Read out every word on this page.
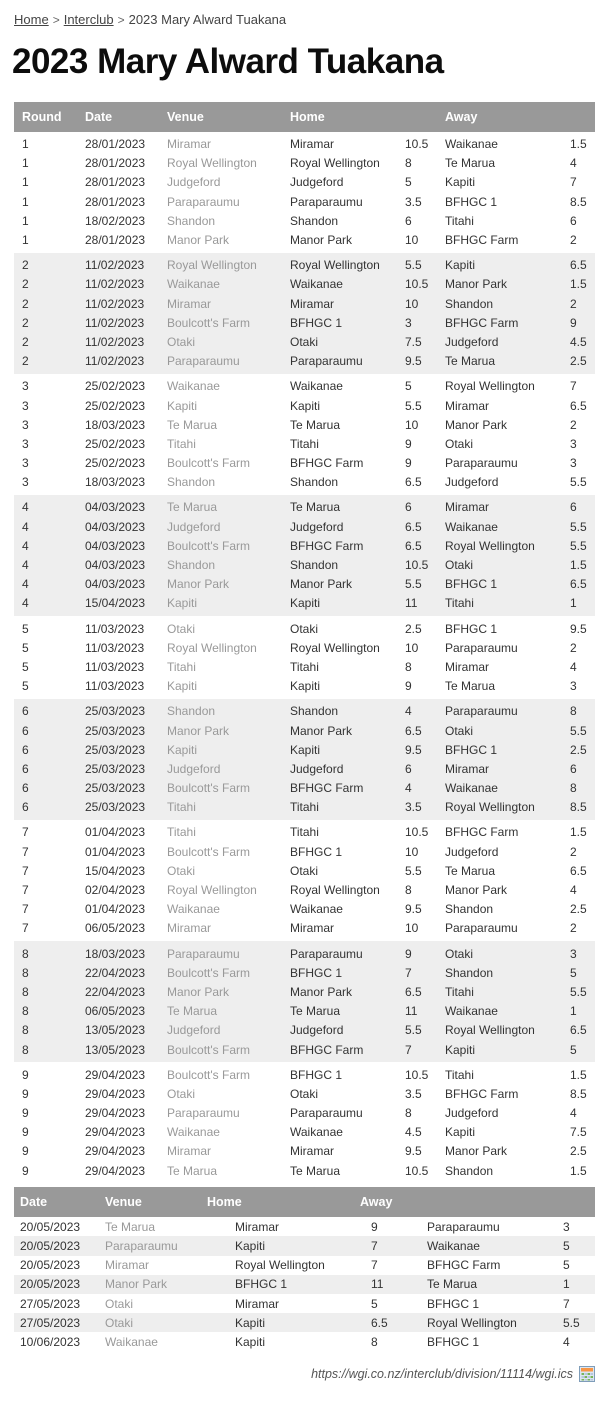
Home > Interclub > 2023 Mary Alward Tuakana
2023 Mary Alward Tuakana
Round	Date	Venue	Home	Away
1	28/01/2023	Miramar	Miramar	10.5	Waikanae	1.5
1	28/01/2023	Royal Wellington	Royal Wellington	8	Te Marua	4
1	28/01/2023	Judgeford	Judgeford	5	Kapiti	7
1	28/01/2023	Paraparaumu	Paraparaumu	3.5	BFHGC 1	8.5
1	18/02/2023	Shandon	Shandon	6	Titahi	6
1	28/01/2023	Manor Park	Manor Park	10	BFHGC Farm	2
2	11/02/2023	Royal Wellington	Royal Wellington	5.5	Kapiti	6.5
2	11/02/2023	Waikanae	Waikanae	10.5	Manor Park	1.5
2	11/02/2023	Miramar	Miramar	10	Shandon	2
2	11/02/2023	Boulcott's Farm	BFHGC 1	3	BFHGC Farm	9
2	11/02/2023	Otaki	Otaki	7.5	Judgeford	4.5
2	11/02/2023	Paraparaumu	Paraparaumu	9.5	Te Marua	2.5
3	25/02/2023	Waikanae	Waikanae	5	Royal Wellington	7
3	25/02/2023	Kapiti	Kapiti	5.5	Miramar	6.5
3	18/03/2023	Te Marua	Te Marua	10	Manor Park	2
3	25/02/2023	Titahi	Titahi	9	Otaki	3
3	25/02/2023	Boulcott's Farm	BFHGC Farm	9	Paraparaumu	3
3	18/03/2023	Shandon	Shandon	6.5	Judgeford	5.5
4	04/03/2023	Te Marua	Te Marua	6	Miramar	6
4	04/03/2023	Judgeford	Judgeford	6.5	Waikanae	5.5
4	04/03/2023	Boulcott's Farm	BFHGC Farm	6.5	Royal Wellington	5.5
4	04/03/2023	Shandon	Shandon	10.5	Otaki	1.5
4	04/03/2023	Manor Park	Manor Park	5.5	BFHGC 1	6.5
4	15/04/2023	Kapiti	Kapiti	11	Titahi	1
5	11/03/2023	Otaki	Otaki	2.5	BFHGC 1	9.5
5	11/03/2023	Royal Wellington	Royal Wellington	10	Paraparaumu	2
5	11/03/2023	Titahi	Titahi	8	Miramar	4
5	11/03/2023	Kapiti	Kapiti	9	Te Marua	3
6	25/03/2023	Shandon	Shandon	4	Paraparaumu	8
6	25/03/2023	Manor Park	Manor Park	6.5	Otaki	5.5
6	25/03/2023	Kapiti	Kapiti	9.5	BFHGC 1	2.5
6	25/03/2023	Judgeford	Judgeford	6	Miramar	6
6	25/03/2023	Boulcott's Farm	BFHGC Farm	4	Waikanae	8
6	25/03/2023	Titahi	Titahi	3.5	Royal Wellington	8.5
7	01/04/2023	Titahi	Titahi	10.5	BFHGC Farm	1.5
7	01/04/2023	Boulcott's Farm	BFHGC 1	10	Judgeford	2
7	15/04/2023	Otaki	Otaki	5.5	Te Marua	6.5
7	02/04/2023	Royal Wellington	Royal Wellington	8	Manor Park	4
7	01/04/2023	Waikanae	Waikanae	9.5	Shandon	2.5
7	06/05/2023	Miramar	Miramar	10	Paraparaumu	2
8	18/03/2023	Paraparaumu	Paraparaumu	9	Otaki	3
8	22/04/2023	Boulcott's Farm	BFHGC 1	7	Shandon	5
8	22/04/2023	Manor Park	Manor Park	6.5	Titahi	5.5
8	06/05/2023	Te Marua	Te Marua	11	Waikanae	1
8	13/05/2023	Judgeford	Judgeford	5.5	Royal Wellington	6.5
8	13/05/2023	Boulcott's Farm	BFHGC Farm	7	Kapiti	5
9	29/04/2023	Boulcott's Farm	BFHGC 1	10.5	Titahi	1.5
9	29/04/2023	Otaki	Otaki	3.5	BFHGC Farm	8.5
9	29/04/2023	Paraparaumu	Paraparaumu	8	Judgeford	4
9	29/04/2023	Waikanae	Waikanae	4.5	Kapiti	7.5
9	29/04/2023	Miramar	Miramar	9.5	Manor Park	2.5
9	29/04/2023	Te Marua	Te Marua	10.5	Shandon	1.5
Date	Venue	Home	Away
20/05/2023	Te Marua	Miramar	9	Paraparaumu	3
20/05/2023	Paraparaumu	Kapiti	7	Waikanae	5
20/05/2023	Miramar	Royal Wellington	7	BFHGC Farm	5
20/05/2023	Manor Park	BFHGC 1	11	Te Marua	1
27/05/2023	Otaki	Miramar	5	BFHGC 1	7
27/05/2023	Otaki	Kapiti	6.5	Royal Wellington	5.5
10/06/2023	Waikanae	Kapiti	8	BFHGC 1	4
https://wgi.co.nz/interclub/division/11114/wgi.ics
